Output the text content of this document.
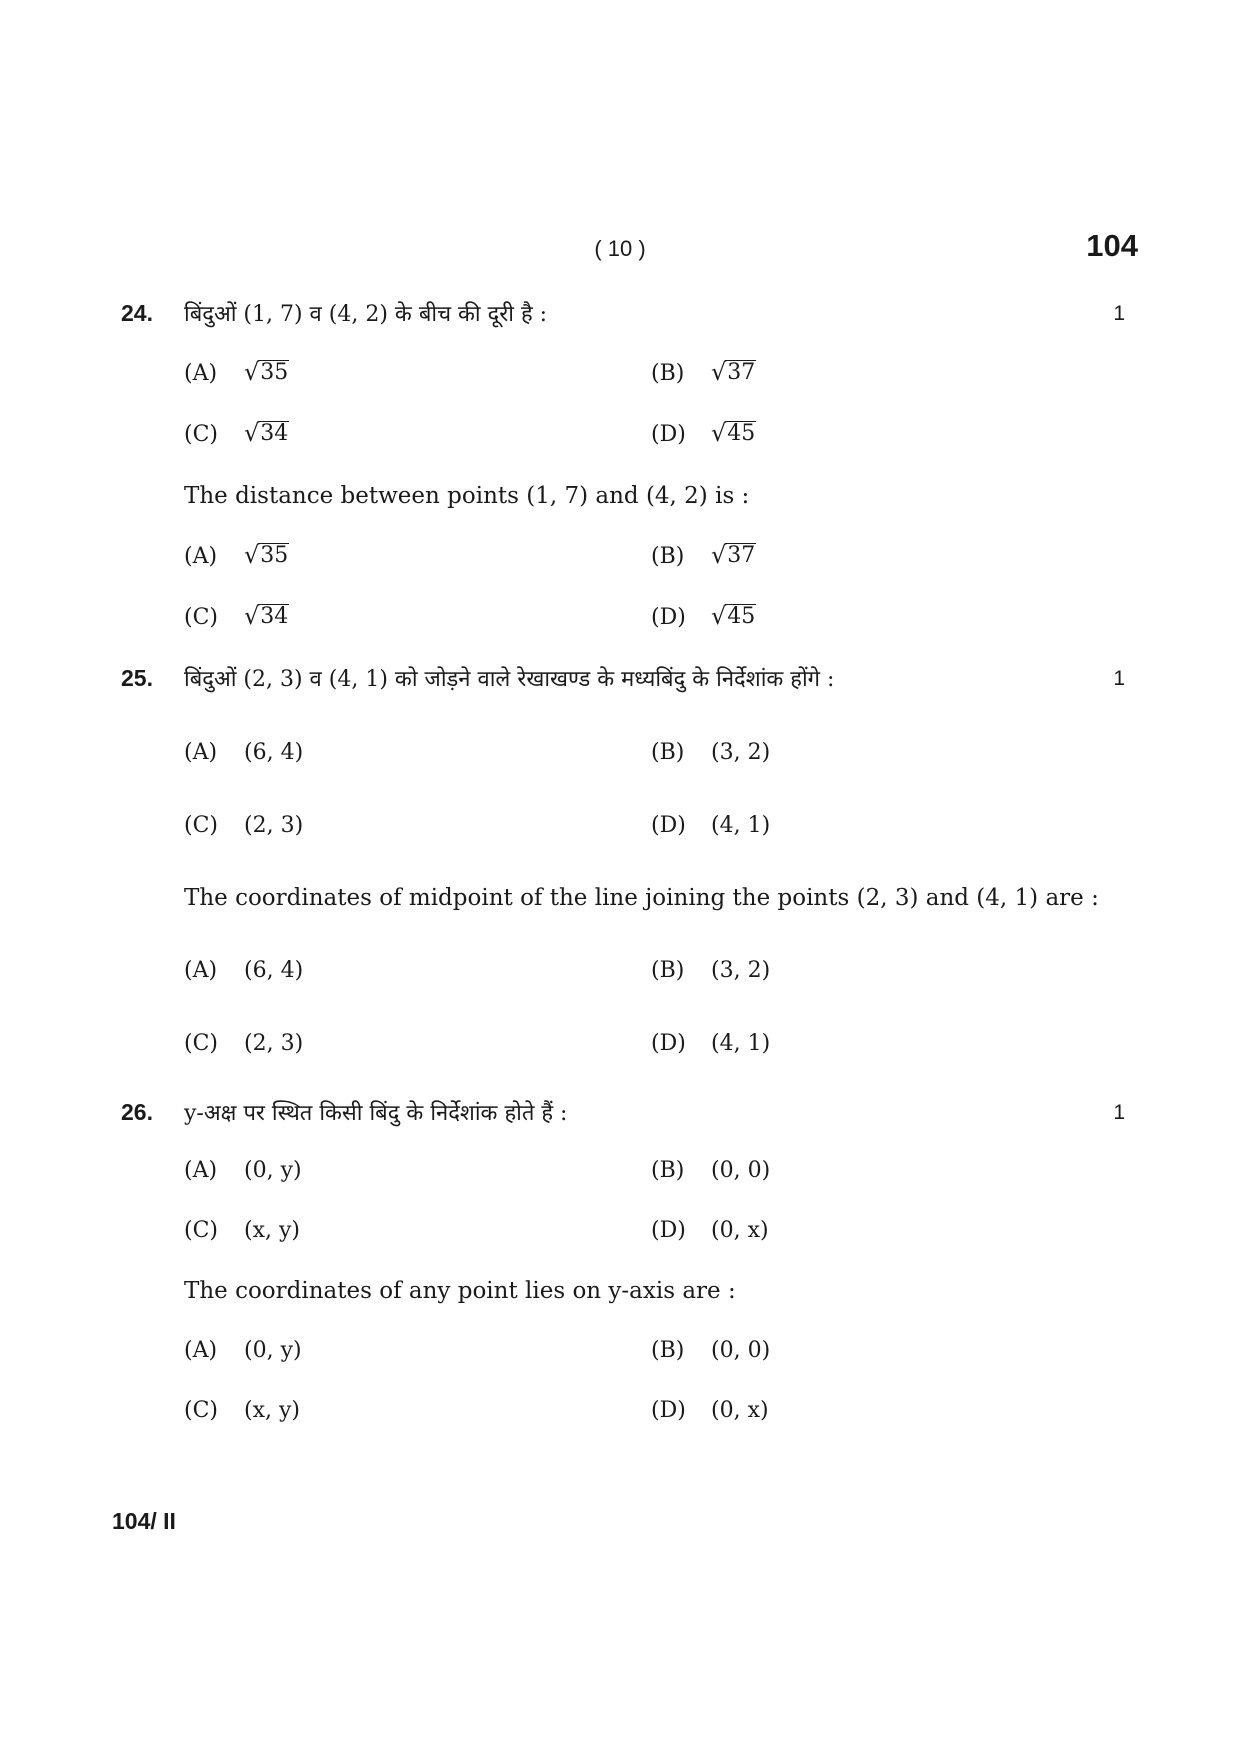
( 10 )	104
24. बिंदुओं (1, 7) व (4, 2) के बीच की दूरी है :	1
(A) √ 35	(B) √ 37
(C) √ 34	(D) √ 45
The distance between points (1, 7) and (4, 2) is :
(A) √ 35	(B) √ 37
(C) √ 34	(D) √ 45
25. बिंदुओं (2, 3) व (4, 1) को जोड़ने वाले रेखाखण्ड के मध्यबिंदु के निर्देशांक होंगे :	1
(A) (6, 4)	(B) (3, 2)
(C) (2, 3)	(D) (4, 1)
The coordinates of midpoint of the line joining the points (2, 3) and (4, 1) are :
(A) (6, 4)	(B) (3, 2)
(C) (2, 3)	(D) (4, 1)
26. y-अक्ष पर स्थित किसी बिंदु के निर्देशांक होते हैं :	1
(A) (0, y)	(B) (0, 0)
(C) (x, y)	(D) (0, x)
The coordinates of any point lies on y-axis are :
(A) (0, y)	(B) (0, 0)
(C) (x, y)	(D) (0, x)
104/ II
